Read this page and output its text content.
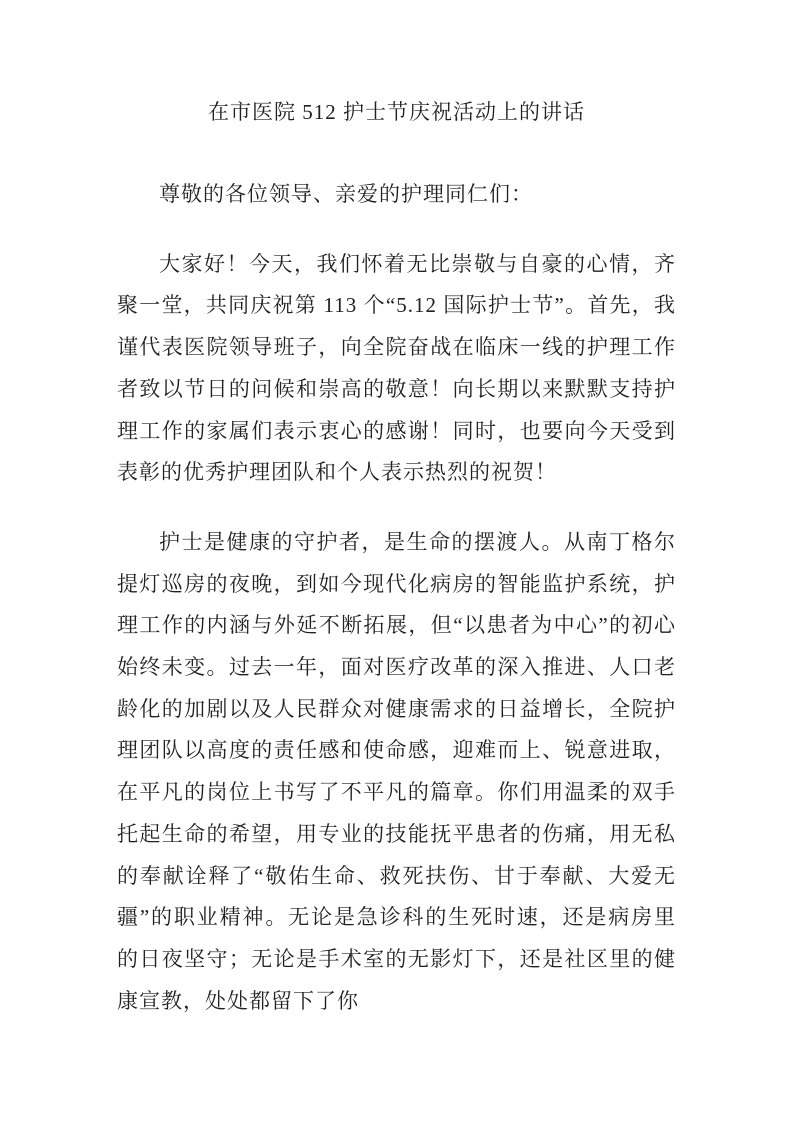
在市医院 512 护士节庆祝活动上的讲话

尊敬的各位领导、亲爱的护理同仁们：

大家好！今天，我们怀着无比崇敬与自豪的心情，齐聚一堂，共同庆祝第 113 个“5.12 国际护士节”。首先，我谨代表医院领导班子，向全院奋战在临床一线的护理工作者致以节日的问候和崇高的敬意！向长期以来默默支持护理工作的家属们表示衷心的感谢！同时，也要向今天受到表彰的优秀护理团队和个人表示热烈的祝贺！

护士是健康的守护者，是生命的摆渡人。从南丁格尔提灯巡房的夜晚，到如今现代化病房的智能监护系统，护理工作的内涵与外延不断拓展，但“以患者为中心”的初心始终未变。过去一年，面对医疗改革的深入推进、人口老龄化的加剧以及人民群众对健康需求的日益增长，全院护理团队以高度的责任感和使命感，迎难而上、锐意进取，在平凡的岗位上书写了不平凡的篇章。你们用温柔的双手托起生命的希望，用专业的技能抚平患者的伤痛，用无私的奉献诠释了“敬佑生命、救死扶伤、甘于奉献、大爱无疆”的职业精神。无论是急诊科的生死时速，还是病房里的日夜坚守；无论是手术室的无影灯下，还是社区里的健康宣教，处处都留下了你
